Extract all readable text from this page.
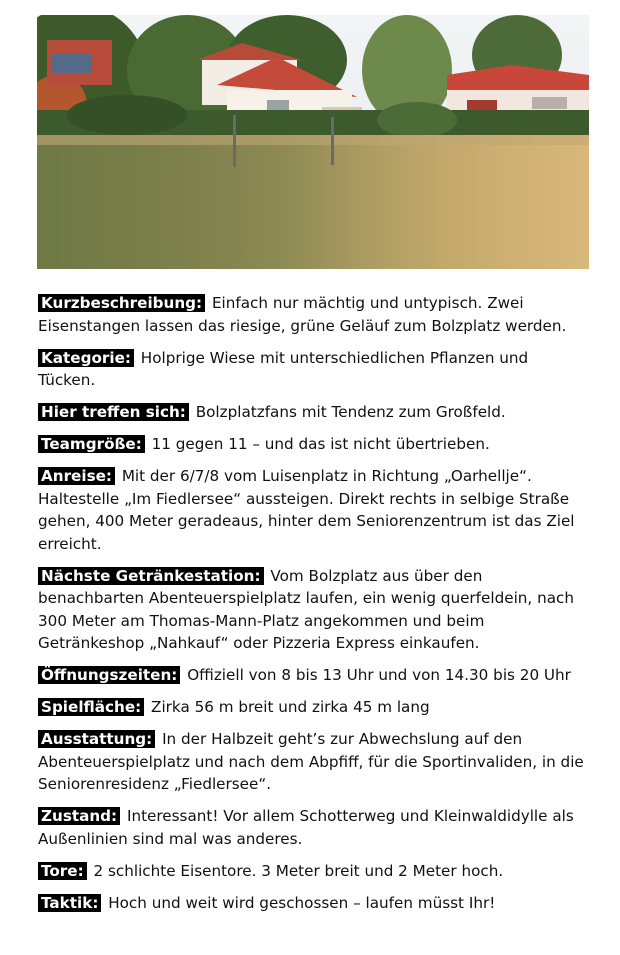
Kurzbeschreibung: Einfach nur mächtig und untypisch. Zwei Eisenstangen lassen das riesige, grüne Geläuf zum Bolzplatz werden.
Kategorie: Holprige Wiese mit unterschiedlichen Pflanzen und Tücken.
Hier treffen sich: Bolzplatzfans mit Tendenz zum Großfeld.
Teamgröße: 11 gegen 11 – und das ist nicht übertrieben.
Anreise: Mit der 6/7/8 vom Luisenplatz in Richtung „Oarhellje“. Haltestelle „Im Fiedlersee“ aussteigen. Direkt rechts in selbige Straße gehen, 400 Meter geradeaus, hinter dem Seniorenzentrum ist das Ziel erreicht.
Nächste Getränkestation: Vom Bolzplatz aus über den benachbarten Abenteuerspielplatz laufen, ein wenig querfeldein, nach 300 Meter am Thomas-Mann-Platz angekommen und beim Getränkeshop „Nahkauf“ oder Pizzeria Express einkaufen.
Öffnungszeiten: Offiziell von 8 bis 13 Uhr und von 14.30 bis 20 Uhr
Spielfläche: Zirka 56 m breit und zirka 45 m lang
Ausstattung: In der Halbzeit geht’s zur Abwechslung auf den Abenteuerspielplatz und nach dem Abpfiff, für die Sportinvaliden, in die Seniorenresidenz „Fiedlersee“.
Zustand: Interessant! Vor allem Schotterweg und Kleinwaldidylle als Außenlinien sind mal was anderes.
Tore: 2 schlichte Eisentore. 3 Meter breit und 2 Meter hoch.
Taktik: Hoch und weit wird geschossen – laufen müsst Ihr!
